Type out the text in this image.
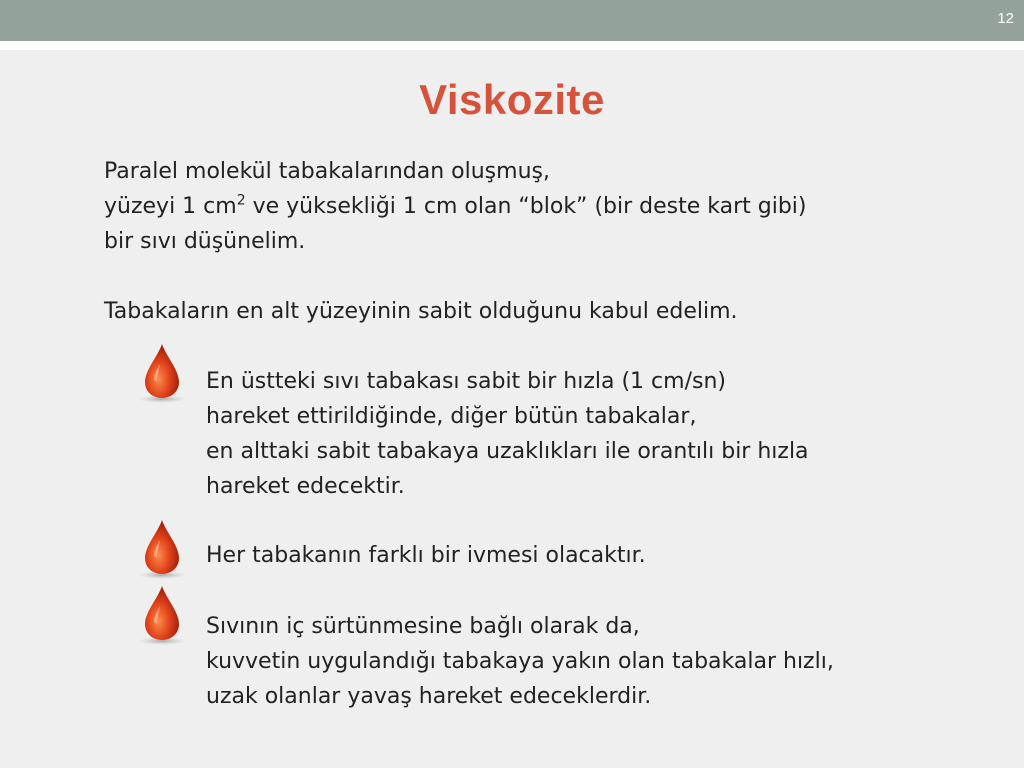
12
Viskozite
Paralel molekül tabakalarından oluşmuş,
yüzeyi 1 $cm^2$ ve yüksekliği 1 cm olan “blok” (bir deste kart gibi)
bir sıvı düşünelim.
Tabakaların en alt yüzeyinin sabit olduğunu kabul edelim.
En üstteki sıvı tabakası sabit bir hızla (1 cm/sn)
hareket ettirildiğinde, diğer bütün tabakalar,
en alttaki sabit tabakaya uzaklıkları ile orantılı bir hızla
hareket edecektir.
Her tabakanın farklı bir ivmesi olacaktır.
Sıvının iç sürtünmesine bağlı olarak da,
kuvvetin uygulandığı tabakaya yakın olan tabakalar hızlı,
uzak olanlar yavaş hareket edeceklerdir.
